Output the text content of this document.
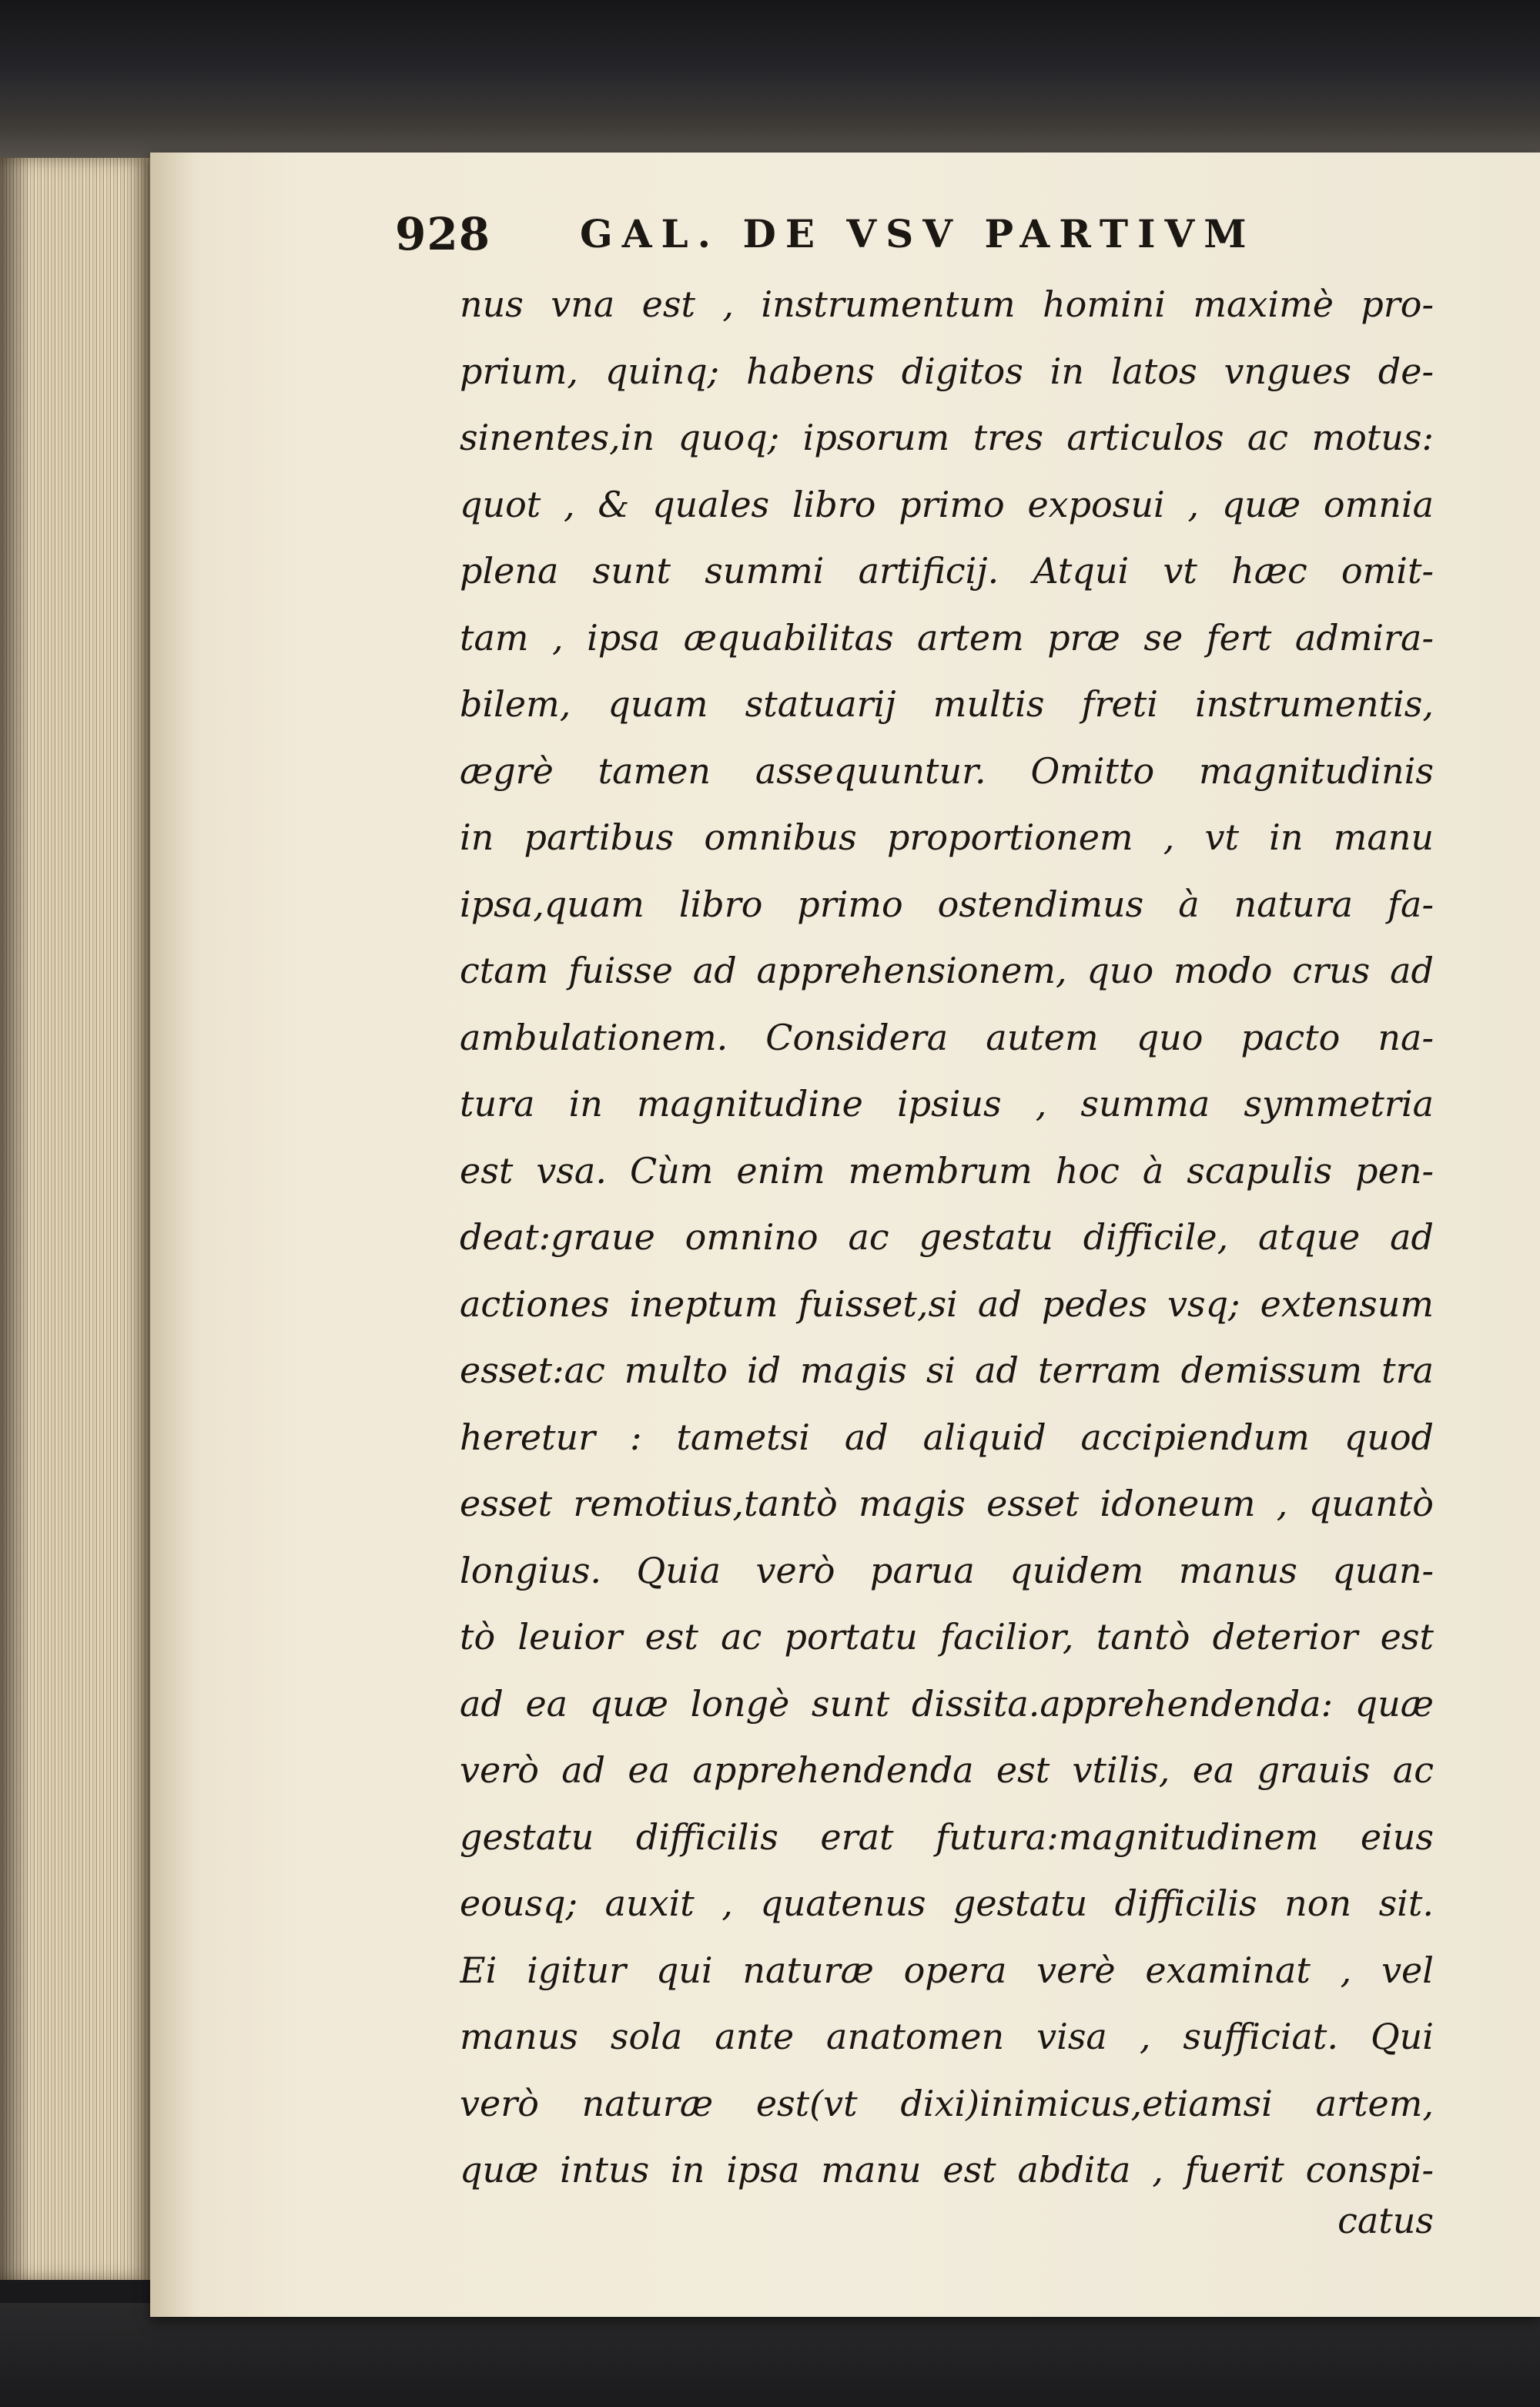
928 GAL. DE VSV PARTIVM
nus vna est , instrumentum homini maximè pro-
prium, quinq; habens digitos in latos vngues de-
sinentes,in quoq; ipsorum tres articulos ac motus:
quot , & quales libro primo exposui , quæ omnia
plena sunt summi artificij. Atqui vt hæc omit-
tam , ipsa æquabilitas artem præ se fert admira-
bilem, quam statuarij multis freti instrumentis,
ægrè tamen assequuntur. Omitto magnitudinis
in partibus omnibus proportionem , vt in manu
ipsa,quam libro primo ostendimus à natura fa-
ctam fuisse ad apprehensionem, quo modo crus ad
ambulationem. Considera autem quo pacto na-
tura in magnitudine ipsius , summa symmetria
est vsa. Cùm enim membrum hoc à scapulis pen-
deat:graue omnino ac gestatu difficile, atque ad
actiones ineptum fuisset,si ad pedes vsq; extensum
esset:ac multo id magis si ad terram demissum tra
heretur : tametsi ad aliquid accipiendum quod
esset remotius,tantò magis esset idoneum , quantò
longius. Quia verò parua quidem manus quan-
tò leuior est ac portatu facilior, tantò deterior est
ad ea quæ longè sunt dissita.apprehendenda: quæ
verò ad ea apprehendenda est vtilis, ea grauis ac
gestatu difficilis erat futura:magnitudinem eius
eousq; auxit , quatenus gestatu difficilis non sit.
Ei igitur qui naturæ opera verè examinat , vel
manus sola ante anatomen visa , sufficiat. Qui
verò naturæ est(vt dixi)inimicus,etiamsi artem,
quæ intus in ipsa manu est abdita , fuerit conspi-
catus
